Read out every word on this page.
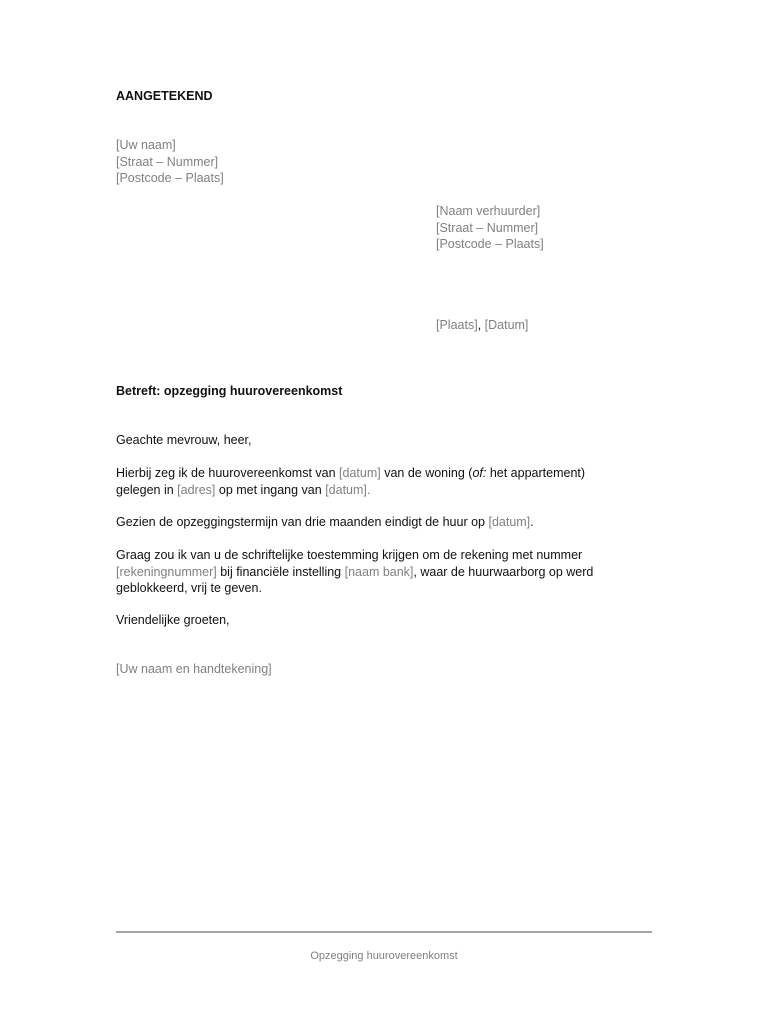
AANGETEKEND

[Uw naam]
[Straat – Nummer]
[Postcode – Plaats]
[Naam verhuurder]
[Straat – Nummer]
[Postcode – Plaats]
[Plaats], [Datum]

Betreft: opzegging huurovereenkomst

Geachte mevrouw, heer,

Hierbij zeg ik de huurovereenkomst van [datum] van de woning (of: het appartement)
gelegen in [adres] op met ingang van [datum].
Gezien de opzeggingstermijn van drie maanden eindigt de huur op [datum].
Graag zou ik van u de schriftelijke toestemming krijgen om de rekening met nummer
[rekeningnummer] bij financiële instelling [naam bank], waar de huurwaarborg op werd
geblokkeerd, vrij te geven.

Vriendelijke groeten,

[Uw naam en handtekening]

Opzegging huurovereenkomst
